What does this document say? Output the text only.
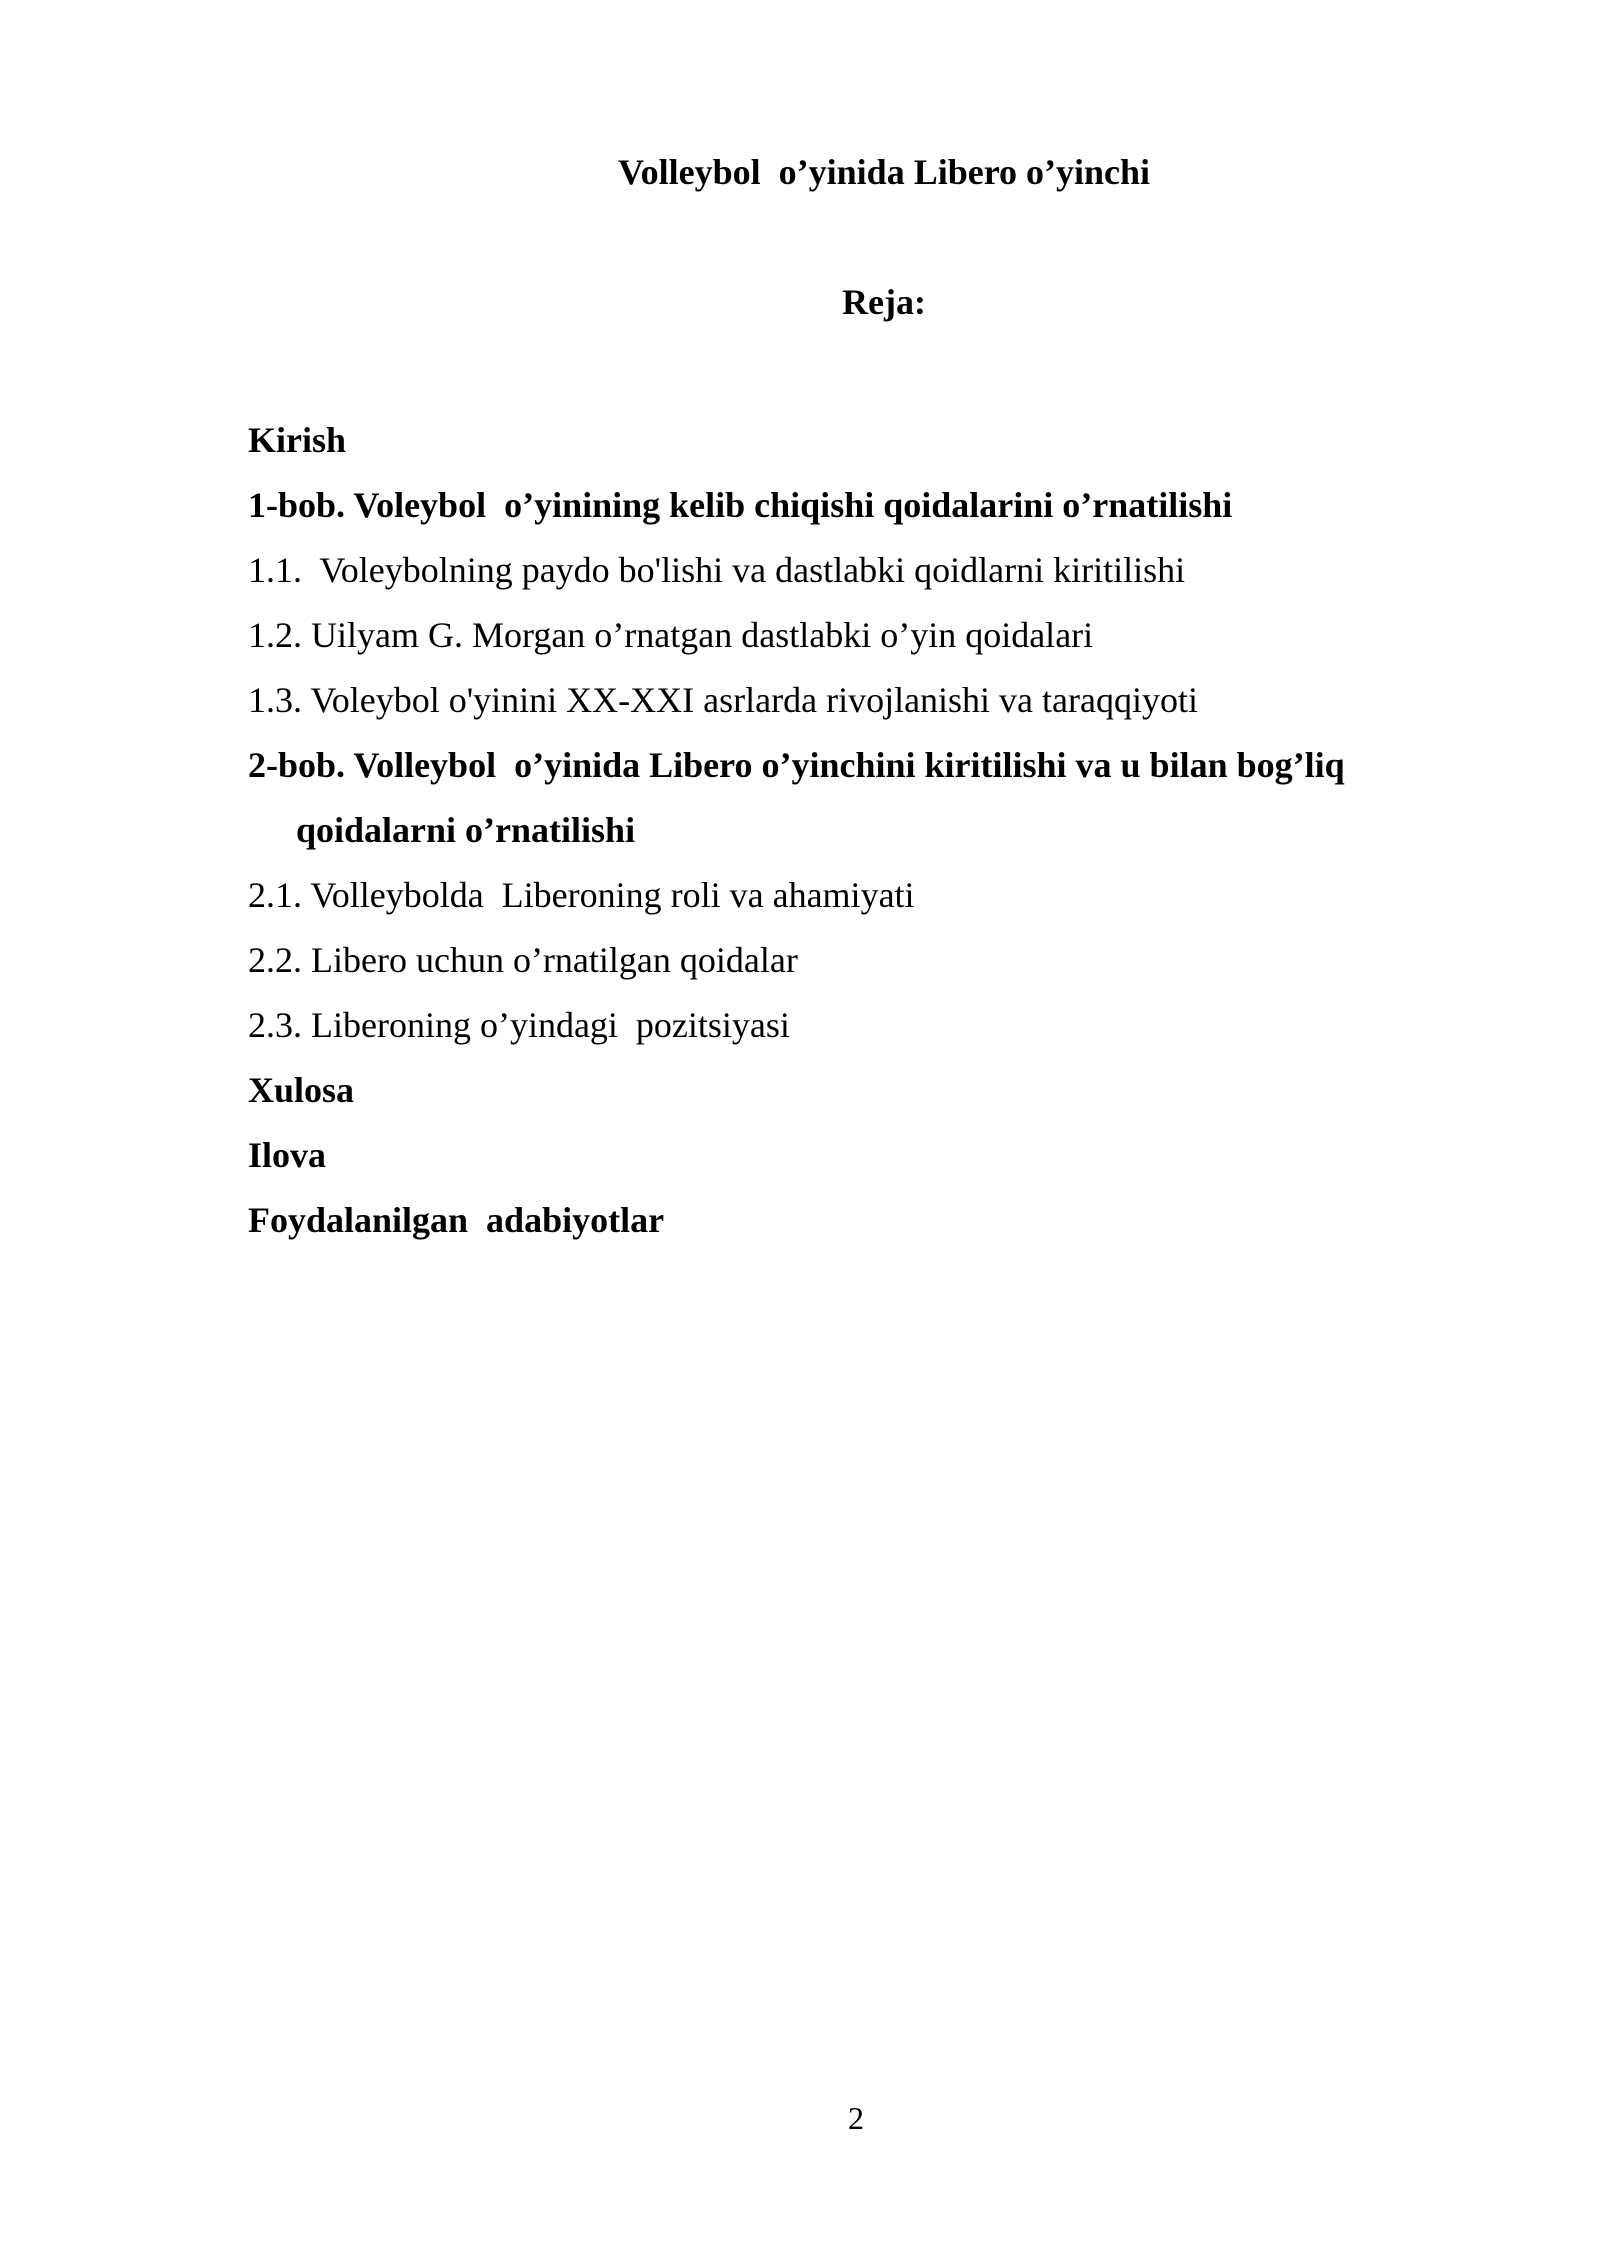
Volleybol  o’yinida Libero o’yinchi
Reja:
Kirish
1-bob. Voleybol  o’yinining kelib chiqishi qoidalarini o’rnatilishi
1.1.  Voleybolning paydo bo'lishi va dastlabki qoidlarni kiritilishi
1.2. Uilyam G. Morgan o’rnatgan dastlabki o’yin qoidalari
1.3. Voleybol o'yinini XX-XXI asrlarda rivojlanishi va taraqqiyoti
2-bob. Volleybol  o’yinida Libero o’yinchini kiritilishi va u bilan bog’liq qoidalarni o’rnatilishi
2.1. Volleybolda  Liberoning roli va ahamiyati
2.2. Libero uchun o’rnatilgan qoidalar
2.3. Liberoning o’yindagi  pozitsiyasi
Xulosa
Ilova
Foydalanilgan  adabiyotlar
2
